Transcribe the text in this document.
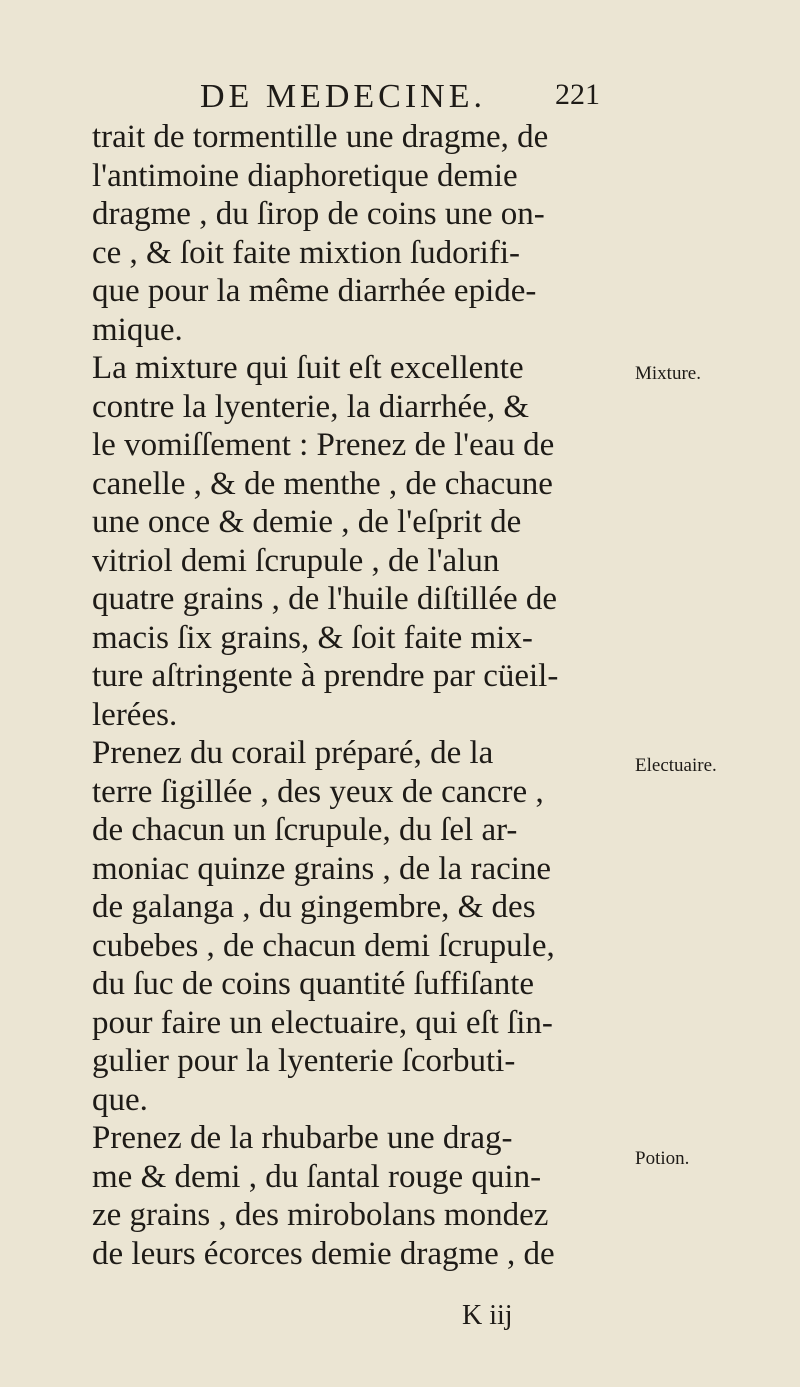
DE MEDECINE. 221
trait de tormentille une dragme, de
l'antimoine diaphoretique demie
dragme , du ſirop de coins une on-
ce , & ſoit faite mixtion ſudorifi-
que pour la même diarrhée epide-
mique.
La mixture qui ſuit eſt excellente
contre la lyenterie, la diarrhée, &
le vomiſſement : Prenez de l'eau de
canelle , & de menthe , de chacune
une once & demie , de l'eſprit de
vitriol demi ſcrupule , de l'alun
quatre grains , de l'huile diſtillée de
macis ſix grains, & ſoit faite mix-
ture aſtringente à prendre par cüeil-
lerées.
Prenez du corail préparé, de la
terre ſigillée , des yeux de cancre ,
de chacun un ſcrupule, du ſel ar-
moniac quinze grains , de la racine
de galanga , du gingembre, & des
cubebes , de chacun demi ſcrupule,
du ſuc de coins quantité ſuffiſante
pour faire un electuaire, qui eſt ſin-
gulier pour la lyenterie ſcorbuti-
que.
Prenez de la rhubarbe une drag-
me & demi , du ſantal rouge quin-
ze grains , des mirobolans mondez
de leurs écorces demie dragme , de
Mixture.
Electuaire.
Potion.
K iij
